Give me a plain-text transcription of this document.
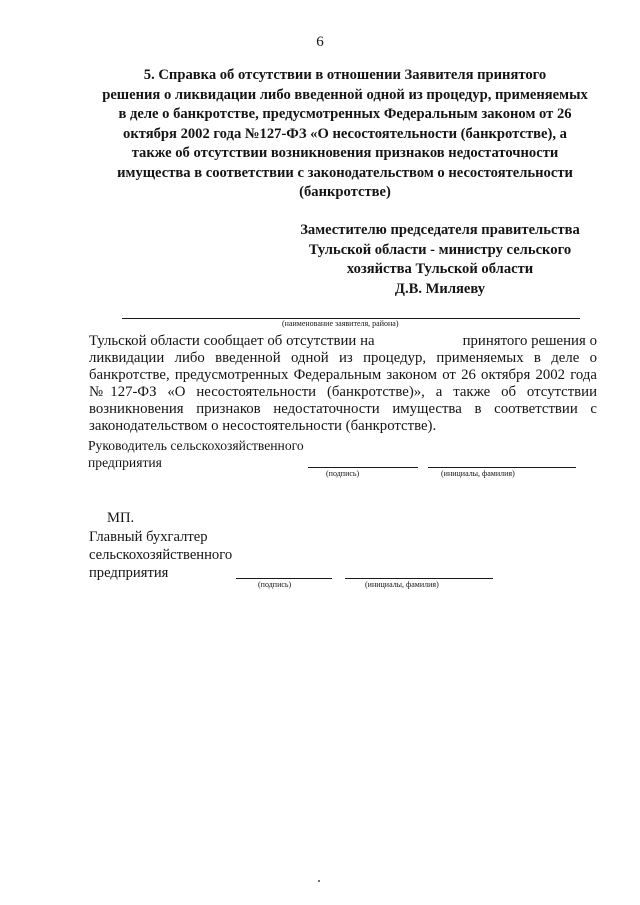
6
5. Справка об отсутствии в отношении Заявителя принятого
решения о ликвидации либо введенной одной из процедур, применяемых
в деле о банкротстве, предусмотренных Федеральным законом от 26
октября 2002 года №127-ФЗ «О несостоятельности (банкротстве), а
также об отсутствии возникновения признаков недостаточности
имущества в соответствии с законодательством о несостоятельности
(банкротстве)
Заместителю председателя правительства
Тульской области - министру сельского
хозяйства Тульской области
Д.В. Миляеву
(наименование заявителя, района)
Тульской области сообщает об отсутствии на	принятого решения о
ликвидации либо введенной одной из процедур, применяемых в деле о
банкротстве, предусмотренных Федеральным законом от 26 октября 2002 года
№127-ФЗ «О несостоятельности (банкротстве)», а также об отсутствии
возникновения признаков недостаточности имущества в соответствии с
законодательством о несостоятельности (банкротстве).
Руководитель сельскохозяйственного
предприятия
(подпись)	(инициалы, фамилия)
МП.
Главный бухгалтер
сельскохозяйственного
предприятия
(подпись)	(инициалы, фамилия)
